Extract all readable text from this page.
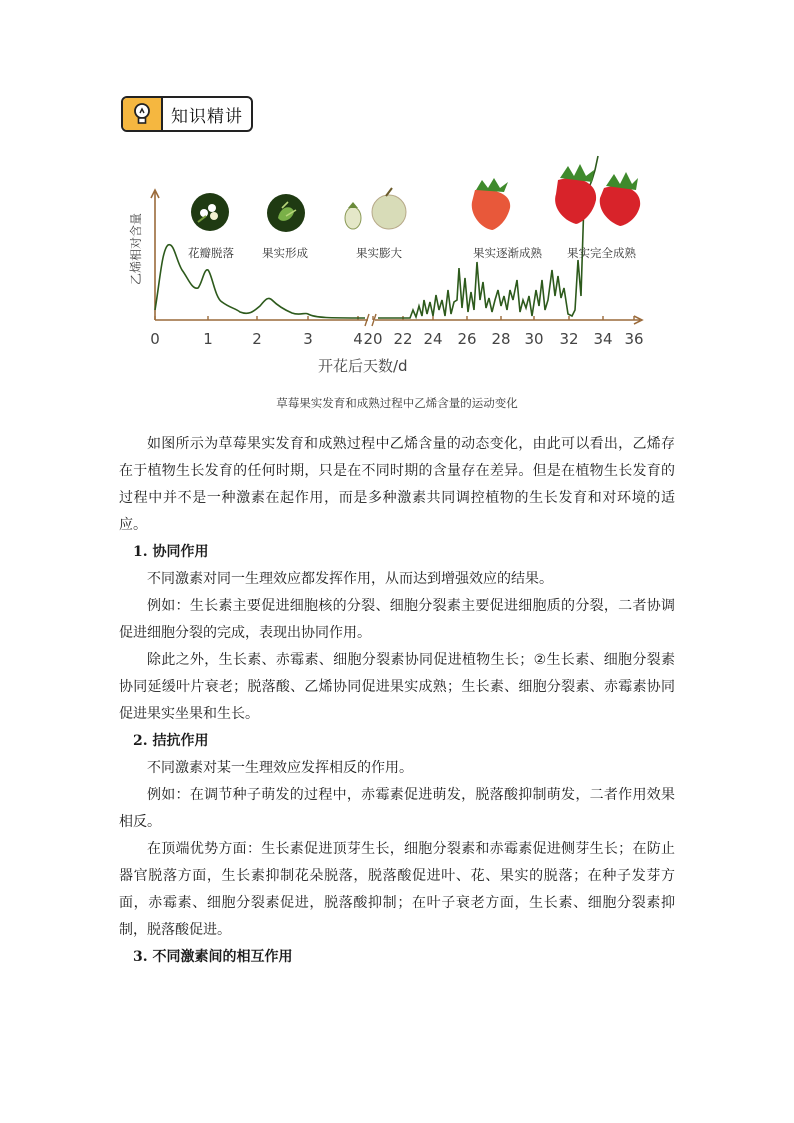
知识精讲
乙烯相对含量
0	1	2	3	4 20 22 24 26 28 30 32 34 36
开花后天数/d
花瓣脱落 果实形成	果实膨大	果实逐渐成熟 果实完全成熟
草莓果实发育和成熟过程中乙烯含量的运动变化

如图所示为草莓果实发育和成熟过程中乙烯含量的动态变化，由此可以看出，乙烯存在于植物生长发育的任何时期，只是在不同时期的含量存在差异。但是在植物生长发育的过程中并不是一种激素在起作用，而是多种激素共同调控植物的生长发育和对环境的适应。

1. 协同作用

不同激素对同一生理效应都发挥作用，从而达到增强效应的结果。

例如：生长素主要促进细胞核的分裂、细胞分裂素主要促进细胞质的分裂，二者协调促进细胞分裂的完成，表现出协同作用。

除此之外，生长素、赤霉素、细胞分裂素协同促进植物生长；②生长素、细胞分裂素协同延缓叶片衰老；脱落酸、乙烯协同促进果实成熟；生长素、细胞分裂素、赤霉素协同促进果实坐果和生长。

2. 拮抗作用

不同激素对某一生理效应发挥相反的作用。

例如：在调节种子萌发的过程中，赤霉素促进萌发，脱落酸抑制萌发，二者作用效果相反。

在顶端优势方面：生长素促进顶芽生长，细胞分裂素和赤霉素促进侧芽生长；在防止器官脱落方面，生长素抑制花朵脱落，脱落酸促进叶、花、果实的脱落；在种子发芽方面，赤霉素、细胞分裂素促进，脱落酸抑制；在叶子衰老方面，生长素、细胞分裂素抑制，脱落酸促进。

3. 不同激素间的相互作用
